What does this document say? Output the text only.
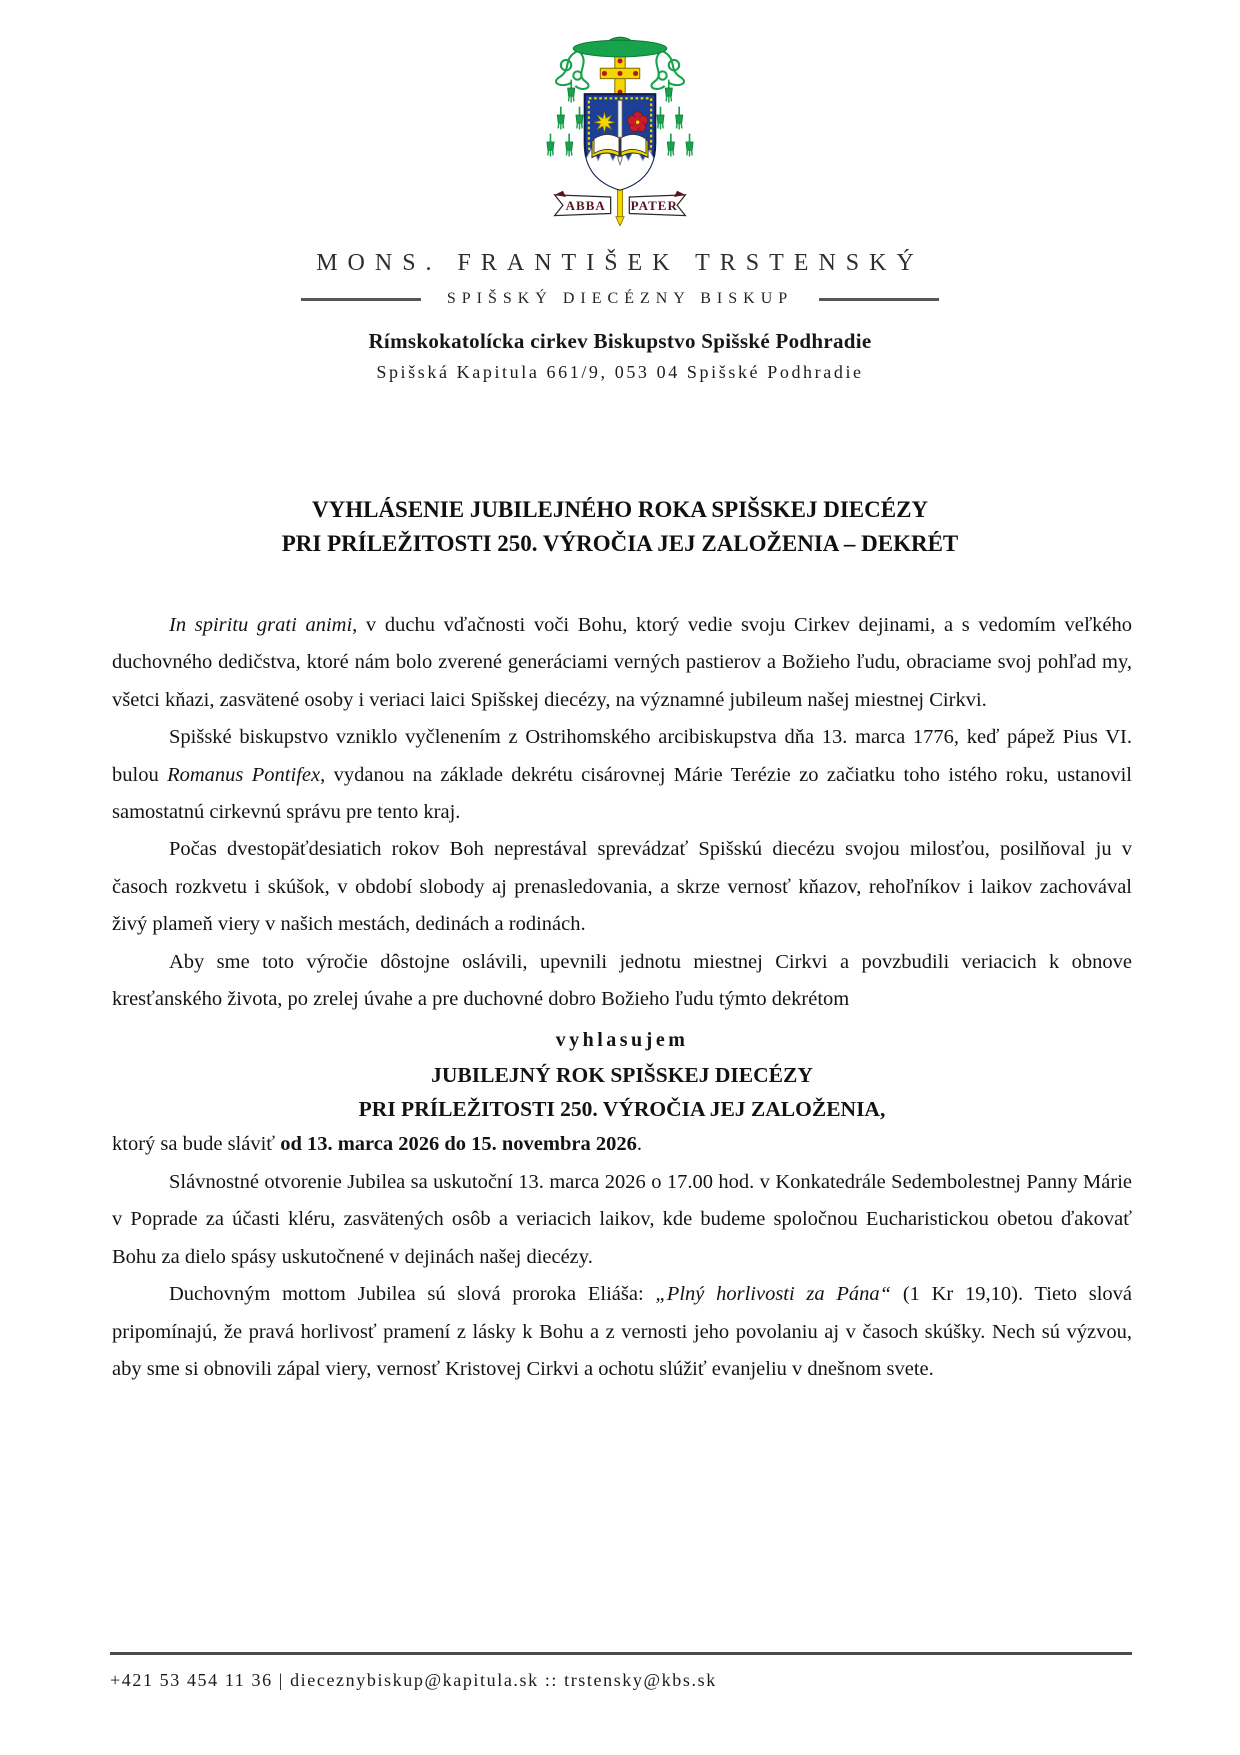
ABBA PATER
MONS. FRANTIŠEK TRSTENSKÝ
SPIŠSKÝ DIECÉZNY BISKUP
Rímskokatolícka cirkev Biskupstvo Spišské Podhradie
Spišská Kapitula 661/9, 053 04 Spišské Podhradie
VYHLÁSENIE JUBILEJNÉHO ROKA SPIŠSKEJ DIECÉZY
PRI PRÍLEŽITOSTI 250. VÝROČIA JEJ ZALOŽENIA – DEKRÉT

In spiritu grati animi, v duchu vďačnosti voči Bohu, ktorý vedie svoju Cirkev dejinami, a s vedomím veľkého duchovného dedičstva, ktoré nám bolo zverené generáciami verných pastierov a Božieho ľudu, obraciame svoj pohľad my, všetci kňazi, zasvätené osoby i veriaci laici Spišskej diecézy, na významné jubileum našej miestnej Cirkvi.

Spišské biskupstvo vzniklo vyčlenením z Ostrihomského arcibiskupstva dňa 13. marca 1776, keď pápež Pius VI. bulou Romanus Pontifex, vydanou na základe dekrétu cisárovnej Márie Terézie zo začiatku toho istého roku, ustanovil samostatnú cirkevnú správu pre tento kraj.

Počas dvestopäťdesiatich rokov Boh neprestával sprevádzať Spišskú diecézu svojou milosťou, posilňoval ju v časoch rozkvetu i skúšok, v období slobody aj prenasledovania, a skrze vernosť kňazov, rehoľníkov i laikov zachovával živý plameň viery v našich mestách, dedinách a rodinách.

Aby sme toto výročie dôstojne oslávili, upevnili jednotu miestnej Cirkvi a povzbudili veriacich k obnove kresťanského života, po zrelej úvahe a pre duchovné dobro Božieho ľudu týmto dekrétom

vyhlasujem
JUBILEJNÝ ROK SPIŠSKEJ DIECÉZY
PRI PRÍLEŽITOSTI 250. VÝROČIA JEJ ZALOŽENIA,

ktorý sa bude sláviť od 13. marca 2026 do 15. novembra 2026.

Slávnostné otvorenie Jubilea sa uskutoční 13. marca 2026 o 17.00 hod. v Konkatedrále Sedembolestnej Panny Márie v Poprade za účasti kléru, zasvätených osôb a veriacich laikov, kde budeme spoločnou Eucharistickou obetou ďakovať Bohu za dielo spásy uskutočnené v dejinách našej diecézy.

Duchovným mottom Jubilea sú slová proroka Eliáša: „Plný horlivosti za Pána“ (1 Kr 19,10). Tieto slová pripomínajú, že pravá horlivosť pramení z lásky k Bohu a z vernosti jeho povolaniu aj v časoch skúšky. Nech sú výzvou, aby sme si obnovili zápal viery, vernosť Kristovej Cirkvi a ochotu slúžiť evanjeliu v dnešnom svete.

+421 53 454 11 36 | dieceznybiskup@kapitula.sk :: trstensky@kbs.sk
